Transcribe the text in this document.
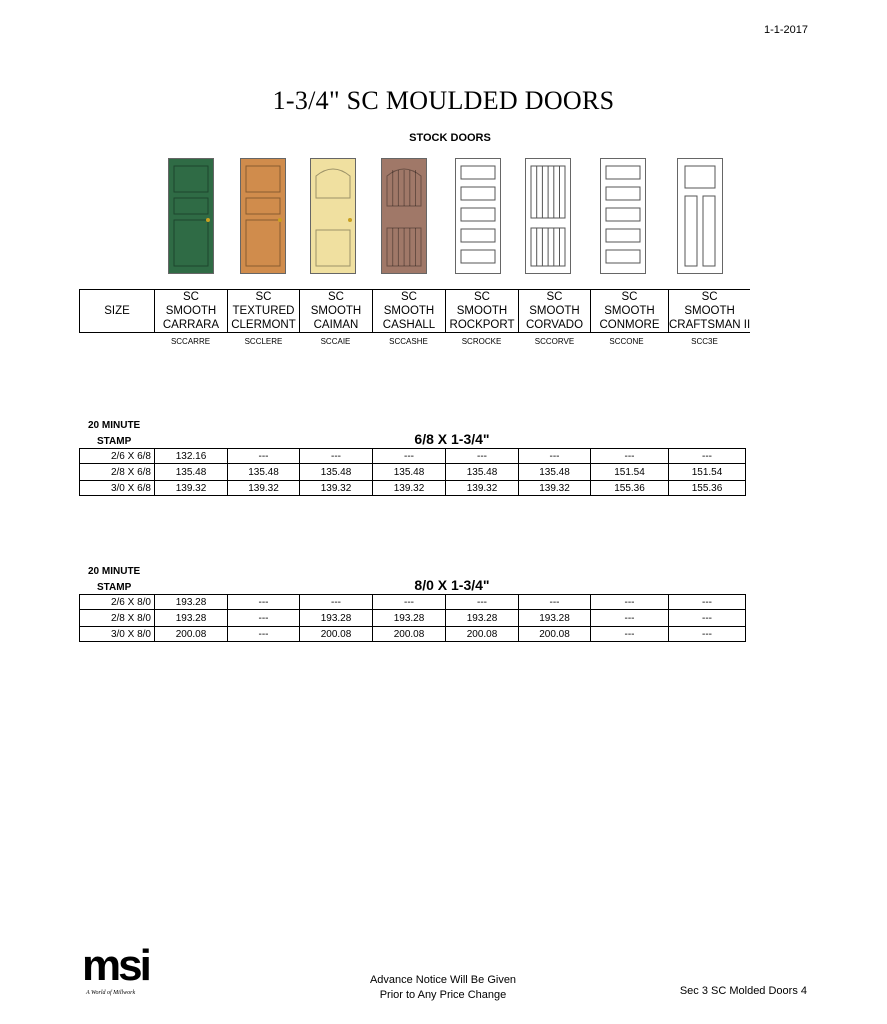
1-1-2017
1-3/4" SC MOULDED DOORS
STOCK DOORS
SIZE	SC
SMOOTH
CARRARA	SC
TEXTURED
CLERMONT	SC
SMOOTH
CAIMAN	SC
SMOOTH
CASHALL	SC
SMOOTH
ROCKPORT	SC
SMOOTH
CORVADO	SC
SMOOTH
CONMORE	SC
SMOOTH
CRAFTSMAN II
SCCARRE	SCCLERE	SCCAIE	SCCASHE	SCROCKE	SCCORVE	SCCONE	SCC3E
20 MINUTE
STAMP	6/8 X 1-3/4"
2/6 X 6/8	132.16	---	---	---	---	---	---	---
2/8 X 6/8	135.48	135.48	135.48	135.48	135.48	135.48	151.54	151.54
3/0 X 6/8	139.32	139.32	139.32	139.32	139.32	139.32	155.36	155.36
20 MINUTE
STAMP	8/0 X 1-3/4"
2/6 X 8/0	193.28	---	---	---	---	---	---	---
2/8 X 8/0	193.28	---	193.28	193.28	193.28	193.28	---	---
3/0 X 8/0	200.08	---	200.08	200.08	200.08	200.08	---	---
msi
A World of Millwork
Advance Notice Will Be Given
Prior to Any Price Change	Sec 3 SC Molded Doors 4
